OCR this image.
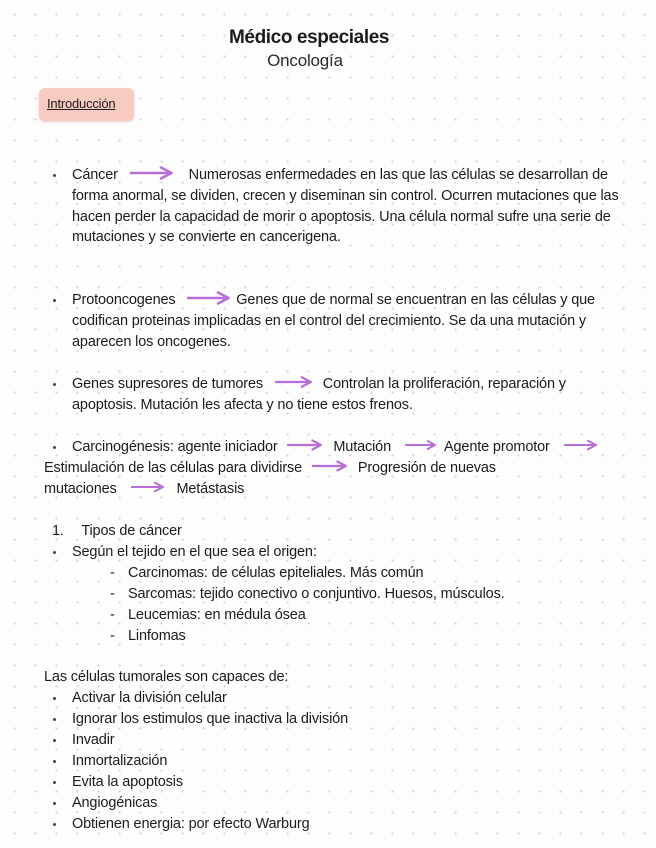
Médico especiales
Oncología
Introducción
Cáncer	Numerosas enfermedades en las que las células se desarrollan de forma anormal, se dividen, crecen y diseminan sin control. Ocurren mutaciones que las hacen perder la capacidad de morir o apoptosis. Una célula normal sufre una serie de mutaciones y se convierte en cancerigena.
Protooncogenes	Genes que de normal se encuentran en las células y que codifican proteinas implicadas en el control del crecimiento. Se da una mutación y aparecen los oncogenes.
Genes supresores de tumores	Controlan la proliferación, reparación y apoptosis. Mutación les afecta y no tiene estos frenos.
Carcinogénesis: agente iniciador	Mutación	Agente promotor
Estimulación de las células para dividirse	Progresión de nuevas
mutaciones	Metástasis
1. Tipos de cáncer
Según el tejido en el que sea el origen:
- Carcinomas: de células epiteliales. Más común
- Sarcomas: tejido conectivo o conjuntivo. Huesos, músculos.
- Leucemias: en médula ósea
- Linfomas
Las células tumorales son capaces de:
Activar la división celular
Ignorar los estimulos que inactiva la división
Invadir
Inmortalización
Evita la apoptosis
Angiogénicas
Obtienen energia: por efecto Warburg
